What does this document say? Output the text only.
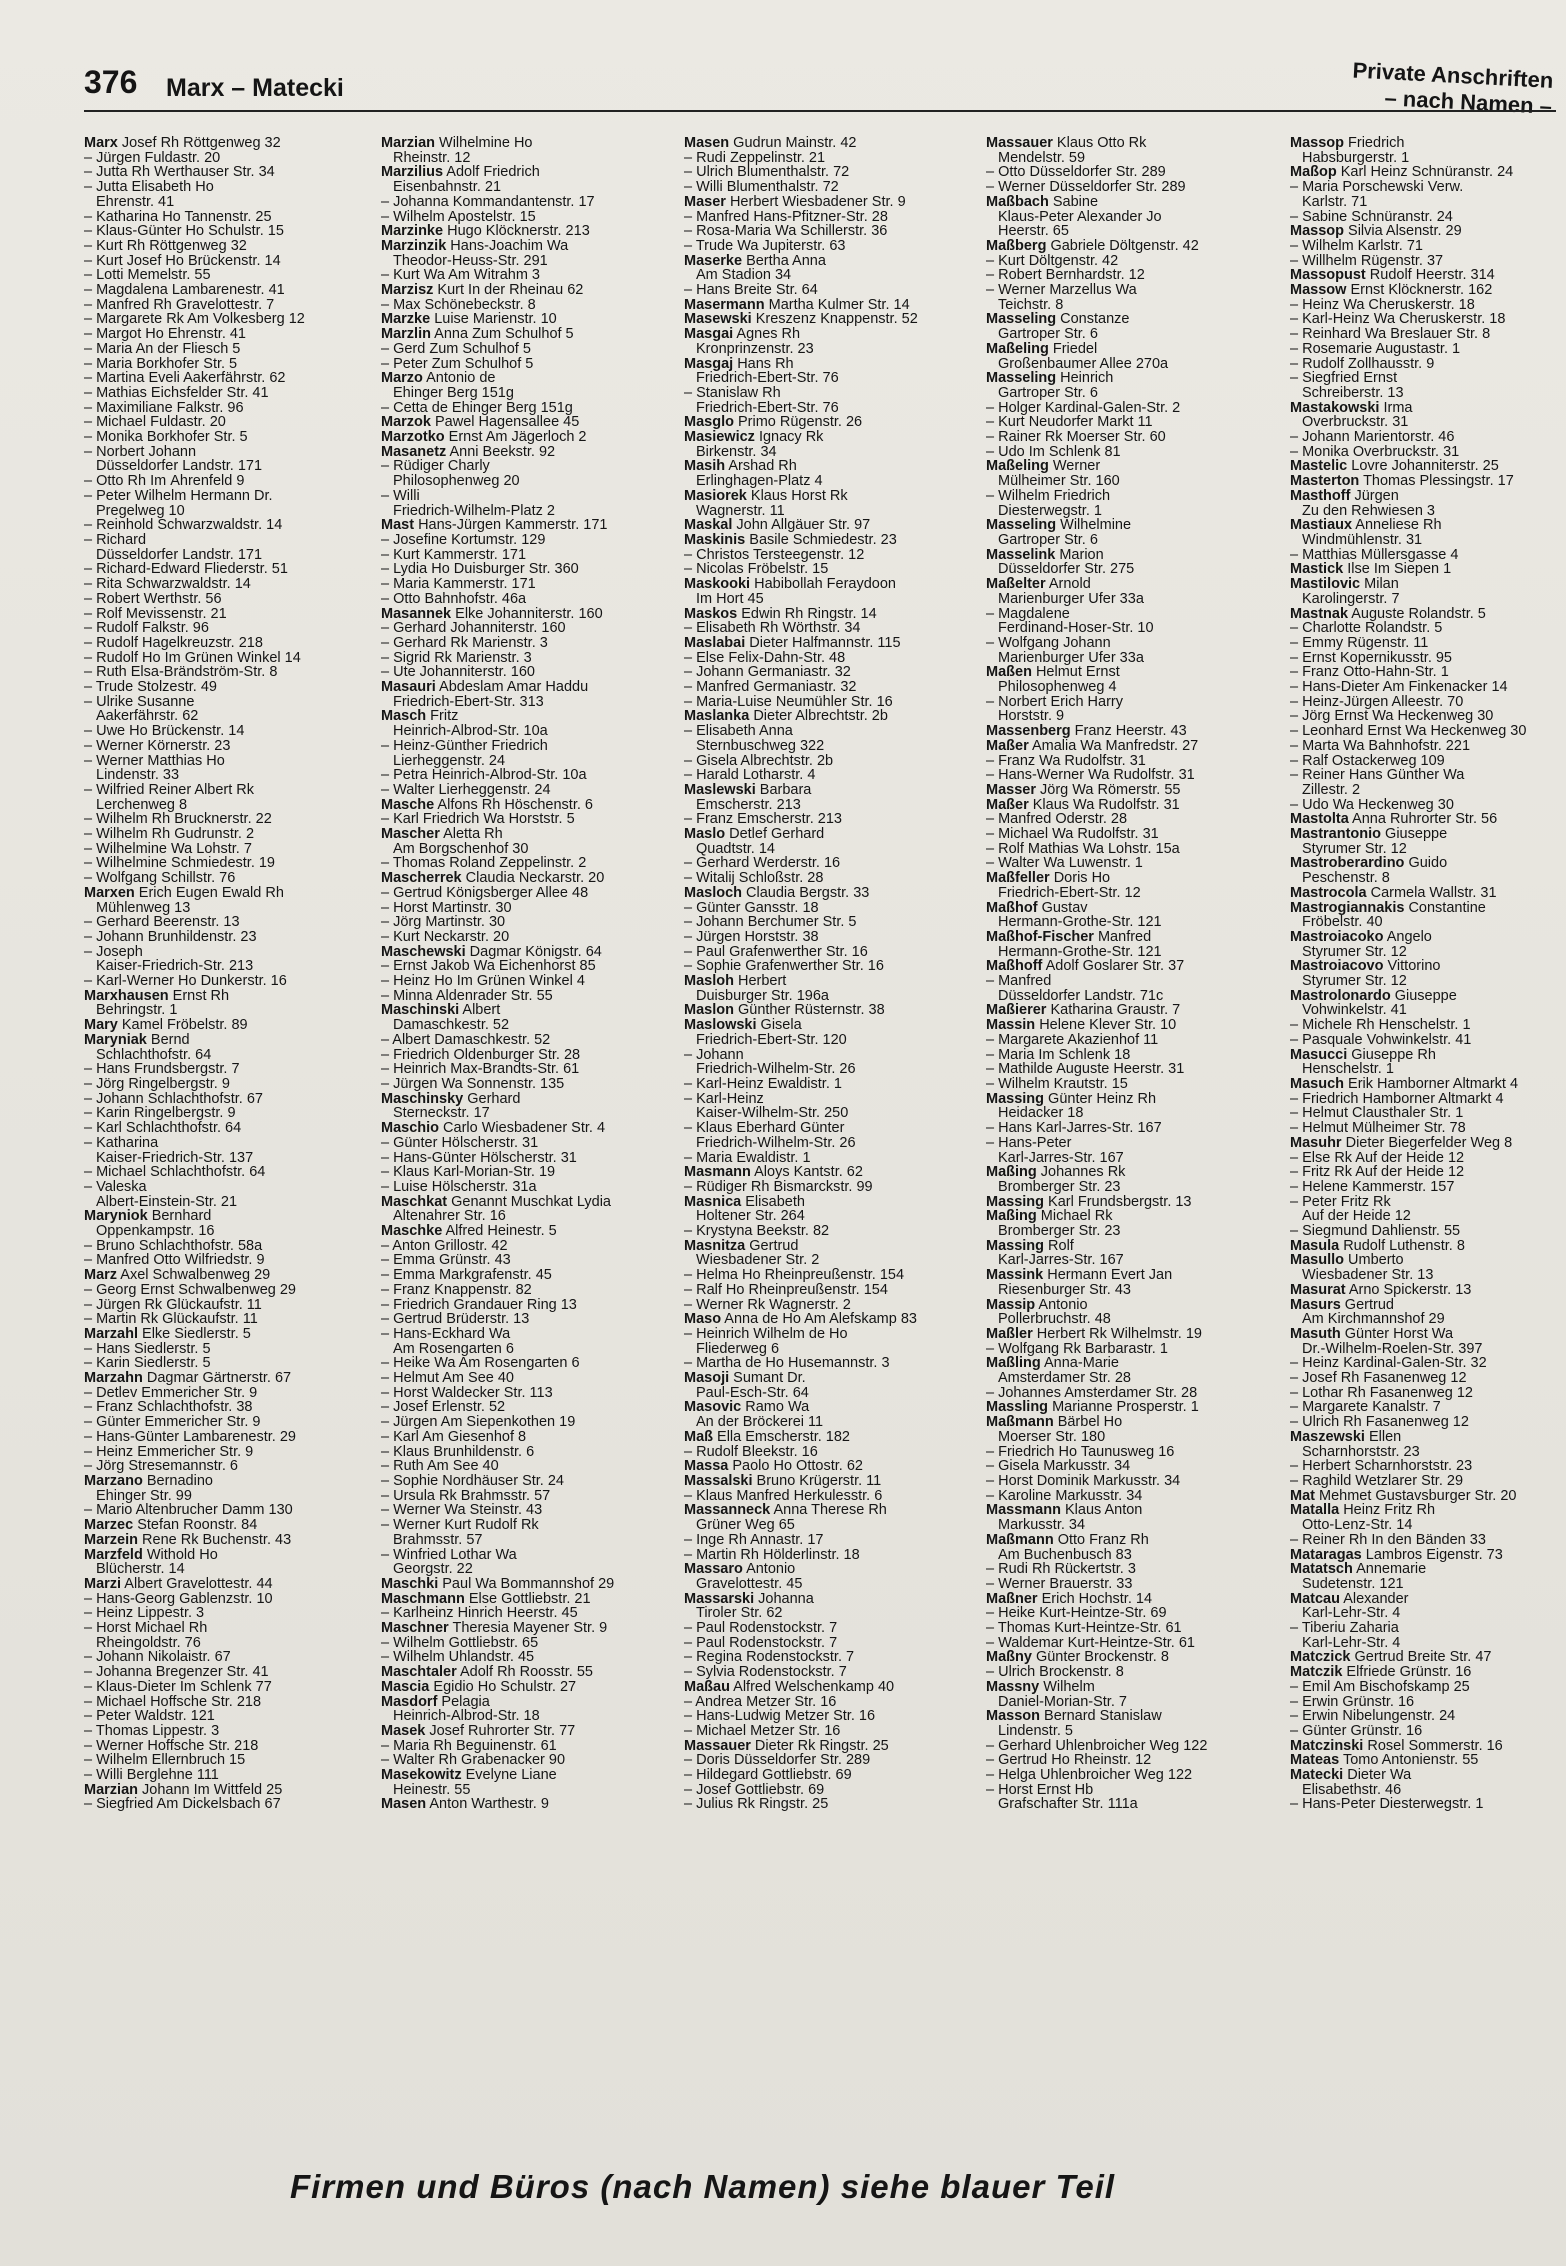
376 Marx – Matecki	Private Anschriften
– nach Namen –
Marx Josef Rh Röttgenweg 32
– Jürgen Fuldastr. 20
– Jutta Rh Werthauser Str. 34
– Jutta Elisabeth Ho
Ehrenstr. 41
– Katharina Ho Tannenstr. 25
– Klaus-Günter Ho Schulstr. 15
– Kurt Rh Röttgenweg 32
– Kurt Josef Ho Brückenstr. 14
– Lotti Memelstr. 55
– Magdalena Lambarenestr. 41
– Manfred Rh Gravelottestr. 7
– Margarete Rk Am Volkesberg 12
– Margot Ho Ehrenstr. 41
– Maria An der Fliesch 5
– Maria Borkhofer Str. 5
– Martina Eveli Aakerfährstr. 62
– Mathias Eichsfelder Str. 41
– Maximiliane Falkstr. 96
– Michael Fuldastr. 20
– Monika Borkhofer Str. 5
– Norbert Johann
Düsseldorfer Landstr. 171
– Otto Rh Im Ährenfeld 9
– Peter Wilhelm Hermann Dr.
Pregelweg 10
– Reinhold Schwarzwaldstr. 14
– Richard
Düsseldorfer Landstr. 171
– Richard-Edward Fliederstr. 51
– Rita Schwarzwaldstr. 14
– Robert Werthstr. 56
– Rolf Mevissenstr. 21
– Rudolf Falkstr. 96
– Rudolf Hagelkreuzstr. 218
– Rudolf Ho Im Grünen Winkel 14
– Ruth Elsa-Brändström-Str. 8
– Trude Stolzestr. 49
– Ulrike Susanne
Aakerfährstr. 62
– Uwe Ho Brückenstr. 14
– Werner Körnerstr. 23
– Werner Matthias Ho
Lindenstr. 33
– Wilfried Reiner Albert Rk
Lerchenweg 8
– Wilhelm Rh Brucknerstr. 22
– Wilhelm Rh Gudrunstr. 2
– Wilhelmine Wa Lohstr. 7
– Wilhelmine Schmiedestr. 19
– Wolfgang Schillstr. 76
Marxen Erich Eugen Ewald Rh
Mühlenweg 13
– Gerhard Beerenstr. 13
– Johann Brunhildenstr. 23
– Joseph
Kaiser-Friedrich-Str. 213
– Karl-Werner Ho Dunkerstr. 16
Marxhausen Ernst Rh
Behringstr. 1
Mary Kamel Fröbelstr. 89
Maryniak Bernd
Schlachthofstr. 64
– Hans Frundsbergstr. 7
– Jörg Ringelbergstr. 9
– Johann Schlachthofstr. 67
– Karin Ringelbergstr. 9
– Karl Schlachthofstr. 64
– Katharina
Kaiser-Friedrich-Str. 137
– Michael Schlachthofstr. 64
– Valeska
Albert-Einstein-Str. 21
Maryniok Bernhard
Oppenkampstr. 16
– Bruno Schlachthofstr. 58a
– Manfred Otto Wilfriedstr. 9
Marz Axel Schwalbenweg 29
– Georg Ernst Schwalbenweg 29
– Jürgen Rk Glückaufstr. 11
– Martin Rk Glückaufstr. 11
Marzahl Elke Siedlerstr. 5
– Hans Siedlerstr. 5
– Karin Siedlerstr. 5
Marzahn Dagmar Gärtnerstr. 67
– Detlev Emmericher Str. 9
– Franz Schlachthofstr. 38
– Günter Emmericher Str. 9
– Hans-Günter Lambarenestr. 29
– Heinz Emmericher Str. 9
– Jörg Stresemannstr. 6
Marzano Bernadino
Ehinger Str. 99
– Mario Altenbrucher Damm 130
Marzec Stefan Roonstr. 84
Marzein Rene Rk Buchenstr. 43
Marzfeld Withold Ho
Blücherstr. 14
Marzi Albert Gravelottestr. 44
– Hans-Georg Gablenzstr. 10
– Heinz Lippestr. 3
– Horst Michael Rh
Rheingoldstr. 76
– Johann Nikolaistr. 67
– Johanna Bregenzer Str. 41
– Klaus-Dieter Im Schlenk 77
– Michael Hoffsche Str. 218
– Peter Waldstr. 121
– Thomas Lippestr. 3
– Werner Hoffsche Str. 218
– Wilhelm Ellernbruch 15
– Willi Berglehne 111
Marzian Johann Im Wittfeld 25
– Siegfried Am Dickelsbach 67
Marzian Wilhelmine Ho
Rheinstr. 12
Marzilius Adolf Friedrich
Eisenbahnstr. 21
– Johanna Kommandantenstr. 17
– Wilhelm Apostelstr. 15
Marzinke Hugo Klöcknerstr. 213
Marzinzik Hans-Joachim Wa
Theodor-Heuss-Str. 291
– Kurt Wa Am Witrahm 3
Marzisz Kurt In der Rheinau 62
– Max Schönebeckstr. 8
Marzke Luise Marienstr. 10
Marzlin Anna Zum Schulhof 5
– Gerd Zum Schulhof 5
– Peter Zum Schulhof 5
Marzo Antonio de
Ehinger Berg 151g
– Cetta de Ehinger Berg 151g
Marzok Pawel Hagensallee 45
Marzotko Ernst Am Jägerloch 2
Masanetz Anni Beekstr. 92
– Rüdiger Charly
Philosophenweg 20
– Willi
Friedrich-Wilhelm-Platz 2
Mast Hans-Jürgen Kammerstr. 171
– Josefine Kortumstr. 129
– Kurt Kammerstr. 171
– Lydia Ho Duisburger Str. 360
– Maria Kammerstr. 171
– Otto Bahnhofstr. 46a
Masannek Elke Johanniterstr. 160
– Gerhard Johanniterstr. 160
– Gerhard Rk Marienstr. 3
– Sigrid Rk Marienstr. 3
– Ute Johanniterstr. 160
Masauri Abdeslam Amar Haddu
Friedrich-Ebert-Str. 313
Masch Fritz
Heinrich-Albrod-Str. 10a
– Heinz-Günther Friedrich
Lierheggenstr. 24
– Petra Heinrich-Albrod-Str. 10a
– Walter Lierheggenstr. 24
Masche Alfons Rh Höschenstr. 6
– Karl Friedrich Wa Horststr. 5
Mascher Aletta Rh
Am Borgschenhof 30
– Thomas Roland Zeppelinstr. 2
Mascherrek Claudia Neckarstr. 20
– Gertrud Königsberger Allee 48
– Horst Martinstr. 30
– Jörg Martinstr. 30
– Kurt Neckarstr. 20
Maschewski Dagmar Königstr. 64
– Ernst Jakob Wa Eichenhorst 85
– Heinz Ho Im Grünen Winkel 4
– Minna Aldenrader Str. 55
Maschinski Albert
Damaschkestr. 52
– Albert Damaschkestr. 52
– Friedrich Oldenburger Str. 28
– Heinrich Max-Brandts-Str. 61
– Jürgen Wa Sonnenstr. 135
Maschinsky Gerhard
Sterneckstr. 17
Maschio Carlo Wiesbadener Str. 4
– Günter Hölscherstr. 31
– Hans-Günter Hölscherstr. 31
– Klaus Karl-Morian-Str. 19
– Luise Hölscherstr. 31a
Maschkat Genannt Muschkat Lydia
Altenahrer Str. 16
Maschke Alfred Heinestr. 5
– Anton Grillostr. 42
– Emma Grünstr. 43
– Emma Markgrafenstr. 45
– Franz Knappenstr. 82
– Friedrich Grandauer Ring 13
– Gertrud Brüderstr. 13
– Hans-Eckhard Wa
Am Rosengarten 6
– Heike Wa Am Rosengarten 6
– Helmut Am See 40
– Horst Waldecker Str. 113
– Josef Erlenstr. 52
– Jürgen Am Siepenkothen 19
– Karl Am Giesenhof 8
– Klaus Brunhildenstr. 6
– Ruth Am See 40
– Sophie Nordhäuser Str. 24
– Ursula Rk Brahmsstr. 57
– Werner Wa Steinstr. 43
– Werner Kurt Rudolf Rk
Brahmsstr. 57
– Winfried Lothar Wa
Georgstr. 22
Maschki Paul Wa Bommannshof 29
Maschmann Else Gottliebstr. 21
– Karlheinz Hinrich Heerstr. 45
Maschner Theresia Mayener Str. 9
– Wilhelm Gottliebstr. 65
– Wilhelm Uhlandstr. 45
Maschtaler Adolf Rh Roosstr. 55
Mascia Egidio Ho Schulstr. 27
Masdorf Pelagia
Heinrich-Albrod-Str. 18
Masek Josef Ruhrorter Str. 77
– Maria Rh Beguinenstr. 61
– Walter Rh Grabenacker 90
Masekowitz Evelyne Liane
Heinestr. 55
Masen Anton Warthestr. 9
Masen Gudrun Mainstr. 42
– Rudi Zeppelinstr. 21
– Ulrich Blumenthalstr. 72
– Willi Blumenthalstr. 72
Maser Herbert Wiesbadener Str. 9
– Manfred Hans-Pfitzner-Str. 28
– Rosa-Maria Wa Schillerstr. 36
– Trude Wa Jupiterstr. 63
Maserke Bertha Anna
Am Stadion 34
– Hans Breite Str. 64
Masermann Martha Kulmer Str. 14
Masewski Kreszenz Knappenstr. 52
Masgai Agnes Rh
Kronprinzenstr. 23
Masgaj Hans Rh
Friedrich-Ebert-Str. 76
– Stanislaw Rh
Friedrich-Ebert-Str. 76
Masglo Primo Rügenstr. 26
Masiewicz Ignacy Rk
Birkenstr. 34
Masih Arshad Rh
Erlinghagen-Platz 4
Masiorek Klaus Horst Rk
Wagnerstr. 11
Maskal John Allgäuer Str. 97
Maskinis Basile Schmiedestr. 23
– Christos Tersteegenstr. 12
– Nicolas Fröbelstr. 15
Maskooki Habibollah Feraydoon
Im Hort 45
Maskos Edwin Rh Ringstr. 14
– Elisabeth Rh Wörthstr. 34
Maslabai Dieter Halfmannstr. 115
– Else Felix-Dahn-Str. 48
– Johann Germaniastr. 32
– Manfred Germaniastr. 32
– Maria-Luise Neumühler Str. 16
Maslanka Dieter Albrechtstr. 2b
– Elisabeth Anna
Sternbuschweg 322
– Gisela Albrechtstr. 2b
– Harald Lotharstr. 4
Maslewski Barbara
Emscherstr. 213
– Franz Emscherstr. 213
Maslo Detlef Gerhard
Quadtstr. 14
– Gerhard Werderstr. 16
– Witalij Schloßstr. 28
Masloch Claudia Bergstr. 33
– Günter Gansstr. 18
– Johann Berchumer Str. 5
– Jürgen Horststr. 38
– Paul Grafenwerther Str. 16
– Sophie Grafenwerther Str. 16
Masloh Herbert
Duisburger Str. 196a
Maslon Günther Rüsternstr. 38
Maslowski Gisela
Friedrich-Ebert-Str. 120
– Johann
Friedrich-Wilhelm-Str. 26
– Karl-Heinz Ewaldistr. 1
– Karl-Heinz
Kaiser-Wilhelm-Str. 250
– Klaus Eberhard Günter
Friedrich-Wilhelm-Str. 26
– Maria Ewaldistr. 1
Masmann Aloys Kantstr. 62
– Rüdiger Rh Bismarckstr. 99
Masnica Elisabeth
Holtener Str. 264
– Krystyna Beekstr. 82
Masnitza Gertrud
Wiesbadener Str. 2
– Helma Ho Rheinpreußenstr. 154
– Ralf Ho Rheinpreußenstr. 154
– Werner Rk Wagnerstr. 2
Maso Anna de Ho Am Alefskamp 83
– Heinrich Wilhelm de Ho
Fliederweg 6
– Martha de Ho Husemannstr. 3
Masoji Sumant Dr.
Paul-Esch-Str. 64
Masovic Ramo Wa
An der Bröckerei 11
Maß Ella Emscherstr. 182
– Rudolf Bleekstr. 16
Massa Paolo Ho Ottostr. 62
Massalski Bruno Krügerstr. 11
– Klaus Manfred Herkulesstr. 6
Massanneck Anna Therese Rh
Grüner Weg 65
– Inge Rh Annastr. 17
– Martin Rh Hölderlinstr. 18
Massaro Antonio
Gravelottestr. 45
Massarski Johanna
Tiroler Str. 62
– Paul Rodenstockstr. 7
– Paul Rodenstockstr. 7
– Regina Rodenstockstr. 7
– Sylvia Rodenstockstr. 7
Maßau Alfred Welschenkamp 40
– Andrea Metzer Str. 16
– Hans-Ludwig Metzer Str. 16
– Michael Metzer Str. 16
Massauer Dieter Rk Ringstr. 25
– Doris Düsseldorfer Str. 289
– Hildegard Gottliebstr. 69
– Josef Gottliebstr. 69
– Julius Rk Ringstr. 25
Massauer Klaus Otto Rk
Mendelstr. 59
– Otto Düsseldorfer Str. 289
– Werner Düsseldorfer Str. 289
Maßbach Sabine
Klaus-Peter Alexander Jo
Heerstr. 65
Maßberg Gabriele Döltgenstr. 42
– Kurt Döltgenstr. 42
– Robert Bernhardstr. 12
– Werner Marzellus Wa
Teichstr. 8
Masseling Constanze
Gartroper Str. 6
Maßeling Friedel
Großenbaumer Allee 270a
Masseling Heinrich
Gartroper Str. 6
– Holger Kardinal-Galen-Str. 2
– Kurt Neudorfer Markt 11
– Rainer Rk Moerser Str. 60
– Udo Im Schlenk 81
Maßeling Werner
Mülheimer Str. 160
– Wilhelm Friedrich
Diesterwegstr. 1
Masseling Wilhelmine
Gartroper Str. 6
Masselink Marion
Düsseldorfer Str. 275
Maßelter Arnold
Marienburger Ufer 33a
– Magdalene
Ferdinand-Hoser-Str. 10
– Wolfgang Johann
Marienburger Ufer 33a
Maßen Helmut Ernst
Philosophenweg 4
– Norbert Erich Harry
Horststr. 9
Massenberg Franz Heerstr. 43
Maßer Amalia Wa Manfredstr. 27
– Franz Wa Rudolfstr. 31
– Hans-Werner Wa Rudolfstr. 31
Masser Jörg Wa Römerstr. 55
Maßer Klaus Wa Rudolfstr. 31
– Manfred Oderstr. 28
– Michael Wa Rudolfstr. 31
– Rolf Mathias Wa Lohstr. 15a
– Walter Wa Luwenstr. 1
Maßfeller Doris Ho
Friedrich-Ebert-Str. 12
Maßhof Gustav
Hermann-Grothe-Str. 121
Maßhof-Fischer Manfred
Hermann-Grothe-Str. 121
Maßhoff Adolf Goslarer Str. 37
– Manfred
Düsseldorfer Landstr. 71c
Maßierer Katharina Graustr. 7
Massin Helene Klever Str. 10
– Margarete Akazienhof 11
– Maria Im Schlenk 18
– Mathilde Auguste Heerstr. 31
– Wilhelm Krautstr. 15
Massing Günter Heinz Rh
Heidacker 18
– Hans Karl-Jarres-Str. 167
– Hans-Peter
Karl-Jarres-Str. 167
Maßing Johannes Rk
Bromberger Str. 23
Massing Karl Frundsbergstr. 13
Maßing Michael Rk
Bromberger Str. 23
Massing Rolf
Karl-Jarres-Str. 167
Massink Hermann Evert Jan
Riesenburger Str. 43
Massip Antonio
Pollerbruchstr. 48
Maßler Herbert Rk Wilhelmstr. 19
– Wolfgang Rk Barbarastr. 1
Maßling Anna-Marie
Amsterdamer Str. 28
– Johannes Amsterdamer Str. 28
Massling Marianne Prosperstr. 1
Maßmann Bärbel Ho
Moerser Str. 180
– Friedrich Ho Taunusweg 16
– Gisela Markusstr. 34
– Horst Dominik Markusstr. 34
– Karoline Markusstr. 34
Massmann Klaus Anton
Markusstr. 34
Maßmann Otto Franz Rh
Am Buchenbusch 83
– Rudi Rh Rückertstr. 3
– Werner Brauerstr. 33
Maßner Erich Hochstr. 14
– Heike Kurt-Heintze-Str. 69
– Thomas Kurt-Heintze-Str. 61
– Waldemar Kurt-Heintze-Str. 61
Maßny Günter Brockenstr. 8
– Ulrich Brockenstr. 8
Massny Wilhelm
Daniel-Morian-Str. 7
Masson Bernard Stanislaw
Lindenstr. 5
– Gerhard Uhlenbroicher Weg 122
– Gertrud Ho Rheinstr. 12
– Helga Uhlenbroicher Weg 122
– Horst Ernst Hb
Grafschafter Str. 111a
Massop Friedrich
Habsburgerstr. 1
Maßop Karl Heinz Schnüranstr. 24
– Maria Porschewski Verw.
Karlstr. 71
– Sabine Schnüranstr. 24
Massop Silvia Alsenstr. 29
– Wilhelm Karlstr. 71
– Willhelm Rügenstr. 37
Massopust Rudolf Heerstr. 314
Massow Ernst Klöcknerstr. 162
– Heinz Wa Cheruskerstr. 18
– Karl-Heinz Wa Cheruskerstr. 18
– Reinhard Wa Breslauer Str. 8
– Rosemarie Augustastr. 1
– Rudolf Zollhausstr. 9
– Siegfried Ernst
Schreiberstr. 13
Mastakowski Irma
Overbruckstr. 31
– Johann Marientorstr. 46
– Monika Overbruckstr. 31
Mastelic Lovre Johanniterstr. 25
Masterton Thomas Plessingstr. 17
Masthoff Jürgen
Zu den Rehwiesen 3
Mastiaux Anneliese Rh
Windmühlenstr. 31
– Matthias Müllersgasse 4
Mastick Ilse Im Siepen 1
Mastilovic Milan
Karolingerstr. 7
Mastnak Auguste Rolandstr. 5
– Charlotte Rolandstr. 5
– Emmy Rügenstr. 11
– Ernst Kopernikusstr. 95
– Franz Otto-Hahn-Str. 1
– Hans-Dieter Am Finkenacker 14
– Heinz-Jürgen Alleestr. 70
– Jörg Ernst Wa Heckenweg 30
– Leonhard Ernst Wa Heckenweg 30
– Marta Wa Bahnhofstr. 221
– Ralf Ostackerweg 109
– Reiner Hans Günther Wa
Zillestr. 2
– Udo Wa Heckenweg 30
Mastolta Anna Ruhrorter Str. 56
Mastrantonio Giuseppe
Styrumer Str. 12
Mastroberardino Guido
Peschenstr. 8
Mastrocola Carmela Wallstr. 31
Mastrogiannakis Constantine
Fröbelstr. 40
Mastroiacoko Angelo
Styrumer Str. 12
Mastroiacovo Vittorino
Styrumer Str. 12
Mastrolonardo Giuseppe
Vohwinkelstr. 41
– Michele Rh Henschelstr. 1
– Pasquale Vohwinkelstr. 41
Masucci Giuseppe Rh
Henschelstr. 1
Masuch Erik Hamborner Altmarkt 4
– Friedrich Hamborner Altmarkt 4
– Helmut Clausthaler Str. 1
– Helmut Mülheimer Str. 78
Masuhr Dieter Biegerfelder Weg 8
– Else Rk Auf der Heide 12
– Fritz Rk Auf der Heide 12
– Helene Kammerstr. 157
– Peter Fritz Rk
Auf der Heide 12
– Siegmund Dahlienstr. 55
Masula Rudolf Luthenstr. 8
Masullo Umberto
Wiesbadener Str. 13
Masurat Arno Spickerstr. 13
Masurs Gertrud
Am Kirchmannshof 29
Masuth Günter Horst Wa
Dr.-Wilhelm-Roelen-Str. 397
– Heinz Kardinal-Galen-Str. 32
– Josef Rh Fasanenweg 12
– Lothar Rh Fasanenweg 12
– Margarete Kanalstr. 7
– Ulrich Rh Fasanenweg 12
Maszewski Ellen
Scharnhorststr. 23
– Herbert Scharnhorststr. 23
– Raghild Wetzlarer Str. 29
Mat Mehmet Gustavsburger Str. 20
Matalla Heinz Fritz Rh
Otto-Lenz-Str. 14
– Reiner Rh In den Bänden 33
Mataragas Lambros Eigenstr. 73
Matatsch Annemarie
Sudetenstr. 121
Matcau Alexander
Karl-Lehr-Str. 4
– Tiberiu Zaharia
Karl-Lehr-Str. 4
Matczick Gertrud Breite Str. 47
Matczik Elfriede Grünstr. 16
– Emil Am Bischofskamp 25
– Erwin Grünstr. 16
– Erwin Nibelungenstr. 24
– Günter Grünstr. 16
Matczinski Rosel Sommerstr. 16
Mateas Tomo Antonienstr. 55
Matecki Dieter Wa
Elisabethstr. 46
– Hans-Peter Diesterwegstr. 1
Firmen und Büros (nach Namen) siehe blauer Teil
